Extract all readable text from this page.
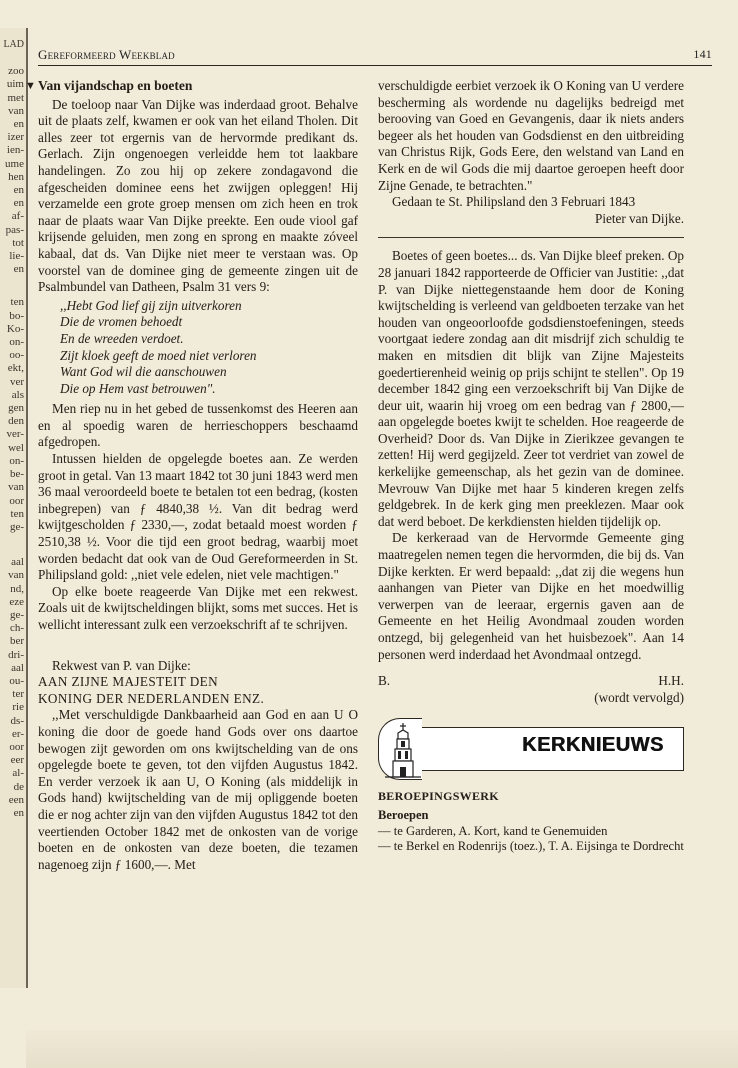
LAD
zoo
uim
met
van
en
izer
ien-
ume
hen
en
en
af-
pas-
tot
lie-
en
ten
bo-
Ko-
on-
oo-
ekt,
ver
als
gen
den
ver-
wel
on-
be-
van
oor
ten
ge-
aal
van
nd,
eze
ge-
ch-
ber
dri-
aal
ou-
ter
rie
ds-
er-
oor
eer
al-
de
een
en
Gereformeerd Weekblad	141
▼ Van vijandschap en boeten

De toeloop naar Van Dijke was inderdaad groot. Behalve uit de plaats zelf, kwamen er ook van het eiland Tholen. Dit alles zeer tot ergernis van de hervormde predikant ds. Gerlach. Zijn ongenoegen verleidde hem tot laakbare handelingen. Zo zou hij op zekere zondagavond die afgescheiden dominee eens het zwijgen opleggen! Hij verzamelde een grote groep mensen om zich heen en trok naar de plaats waar Van Dijke preekte. Een oude viool gaf krijsende geluiden, men zong en sprong en maakte zóveel kabaal, dat ds. Van Dijke niet meer te verstaan was. Op voorstel van de dominee ging de gemeente zingen uit de Psalmbundel van Datheen, Psalm 31 vers 9:

,,Hebt God lief gij zijn uitverkoren
Die de vromen behoedt
En de wreeden verdoet.
Zijt kloek geeft de moed niet verloren
Want God wil die aanschouwen
Die op Hem vast betrouwen".

Men riep nu in het gebed de tussenkomst des Heeren aan en al spoedig waren de herrieschoppers beschaamd afgedropen.

Intussen hielden de opgelegde boetes aan. Ze werden groot in getal. Van 13 maart 1842 tot 30 juni 1843 werd men 36 maal veroordeeld boete te betalen tot een bedrag, (kosten inbegrepen) van ƒ 4840,38 ½. Van dit bedrag werd kwijtgescholden ƒ 2330,—, zodat betaald moest worden ƒ 2510,38 ½. Voor die tijd een groot bedrag, waarbij moet worden bedacht dat ook van de Oud Gereformeerden in St. Philipsland gold: ,,niet vele edelen, niet vele machtigen."

Op elke boete reageerde Van Dijke met een rekwest. Zoals uit de kwijtscheldingen blijkt, soms met succes. Het is wellicht interessant zulk een verzoekschrift af te schrijven.

Rekwest van P. van Dijke:

AAN ZIJNE MAJESTEIT DEN
KONING DER NEDERLANDEN ENZ.

,,Met verschuldigde Dankbaarheid aan God en aan U O koning die door de goede hand Gods over ons daartoe bewogen zijt geworden om ons kwijtschelding van de ons opgelegde boete te geven, tot den vijfden Augustus 1842. En verder verzoek ik aan U, O Koning (als middelijk in Gods hand) kwijtschelding van de mij opliggende boeten die er nog achter zijn van den vijfden Augustus 1842 tot den veertienden October 1842 met de onkosten van de vorige boeten en de onkosten van deze boeten, die tezamen nagenoeg zijn ƒ 1600,—. Met

verschuldigde eerbiet verzoek ik O Koning van U verdere bescherming als wordende nu dagelijks bedreigd met berooving van Goed en Gevangenis, daar ik niets anders begeer als het houden van Godsdienst en den uitbreiding van Christus Rijk, Gods Eere, den welstand van Land en Kerk en de wil Gods die mij daartoe geroepen heeft door Zijne Genade, te betrachten."

Gedaan te St. Philipsland den 3 Februari 1843

Pieter van Dijke.

Boetes of geen boetes... ds. Van Dijke bleef preken. Op 28 januari 1842 rapporteerde de Officier van Justitie: ,,dat P. van Dijke niettegenstaande hem door de Koning kwijtschelding is verleend van geldboeten terzake van het houden van ongeoorloofde godsdienstoefeningen, steeds voortgaat iedere zondag aan dit misdrijf zich schuldig te maken en mitsdien dit blijk van Zijne Majesteits goedertierenheid weinig op prijs schijnt te stellen". Op 19 december 1842 ging een verzoekschrift bij Van Dijke de deur uit, waarin hij vroeg om een bedrag van ƒ 2800,— aan opgelegde boetes kwijt te schelden. Hoe reageerde de Overheid? Door ds. Van Dijke in Zierikzee gevangen te zetten! Hij werd gegijzeld. Zeer tot verdriet van zowel de kerkelijke gemeenschap, als het gezin van de dominee. Mevrouw Van Dijke met haar 5 kinderen kregen zelfs geldgebrek. In de kerk ging men preeklezen. Maar ook dat werd beboet. De kerkdiensten hielden tijdelijk op.

De kerkeraad van de Hervormde Gemeente ging maatregelen nemen tegen die hervormden, die bij ds. Van Dijke kerkten. Er werd bepaald: ,,dat zij die wegens hun aanhangen van Pieter van Dijke en het moedwillig verwerpen van de leeraar, ergernis gaven aan de Gemeente en het Heilig Avondmaal zouden worden ontzegd, bij gelegenheid van het huisbezoek". Aan 14 personen werd inderdaad het Avondmaal ontzegd.

B.	H.H.
(wordt vervolgd)
KERKNIEUWS
BEROEPINGSWERK
Beroepen
— te Garderen, A. Kort, kand te Genemuiden
— te Berkel en Rodenrijs (toez.), T. A. Eijsinga te Dordrecht
